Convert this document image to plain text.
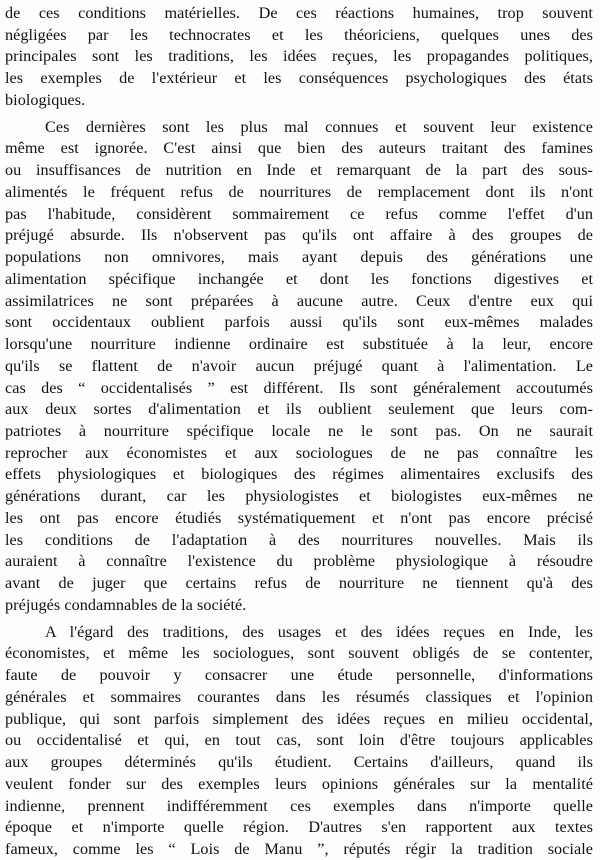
de ces conditions matérielles. De ces réactions humaines, trop souvent
négligées par les technocrates et les théoriciens, quelques unes des
principales sont les traditions, les idées reçues, les propagandes politiques,
les exemples de l'extérieur et les conséquences psychologiques des états
biologiques.
Ces dernières sont les plus mal connues et souvent leur existence
même est ignorée. C'est ainsi que bien des auteurs traitant des famines
ou insuffisances de nutrition en Inde et remarquant de la part des sous-
alimentés le fréquent refus de nourritures de remplacement dont ils n'ont
pas l'habitude, considèrent sommairement ce refus comme l'effet d'un
préjugé absurde. Ils n'observent pas qu'ils ont affaire à des groupes de
populations non omnivores, mais ayant depuis des générations une
alimentation spécifique inchangée et dont les fonctions digestives et
assimilatrices ne sont préparées à aucune autre. Ceux d'entre eux qui
sont occidentaux oublient parfois aussi qu'ils sont eux-mêmes malades
lorsqu'une nourriture indienne ordinaire est substituée à la leur, encore
qu'ils se flattent de n'avoir aucun préjugé quant à l'alimentation. Le
cas des “ occidentalisés ” est différent. Ils sont généralement accoutumés
aux deux sortes d'alimentation et ils oublient seulement que leurs com-
patriotes à nourriture spécifique locale ne le sont pas. On ne saurait
reprocher aux économistes et aux sociologues de ne pas connaître les
effets physiologiques et biologiques des régimes alimentaires exclusifs des
générations durant, car les physiologistes et biologistes eux-mêmes ne
les ont pas encore étudiés systématiquement et n'ont pas encore précisé
les conditions de l'adaptation à des nourritures nouvelles. Mais ils
auraient à connaître l'existence du problème physiologique à résoudre
avant de juger que certains refus de nourriture ne tiennent qu'à des
préjugés condamnables de la société.
A l'égard des traditions, des usages et des idées reçues en Inde, les
économistes, et même les sociologues, sont souvent obligés de se contenter,
faute de pouvoir y consacrer une étude personnelle, d'informations
générales et sommaires courantes dans les résumés classiques et l'opinion
publique, qui sont parfois simplement des idées reçues en milieu occidental,
ou occidentalisé et qui, en tout cas, sont loin d'être toujours applicables
aux groupes déterminés qu'ils étudient. Certains d'ailleurs, quand ils
veulent fonder sur des exemples leurs opinions générales sur la mentalité
indienne, prennent indifféremment ces exemples dans n'importe quelle
époque et n'importe quelle région. D'autres s'en rapportent aux textes
fameux, comme les “ Lois de Manu ”, réputés régir la tradition sociale
